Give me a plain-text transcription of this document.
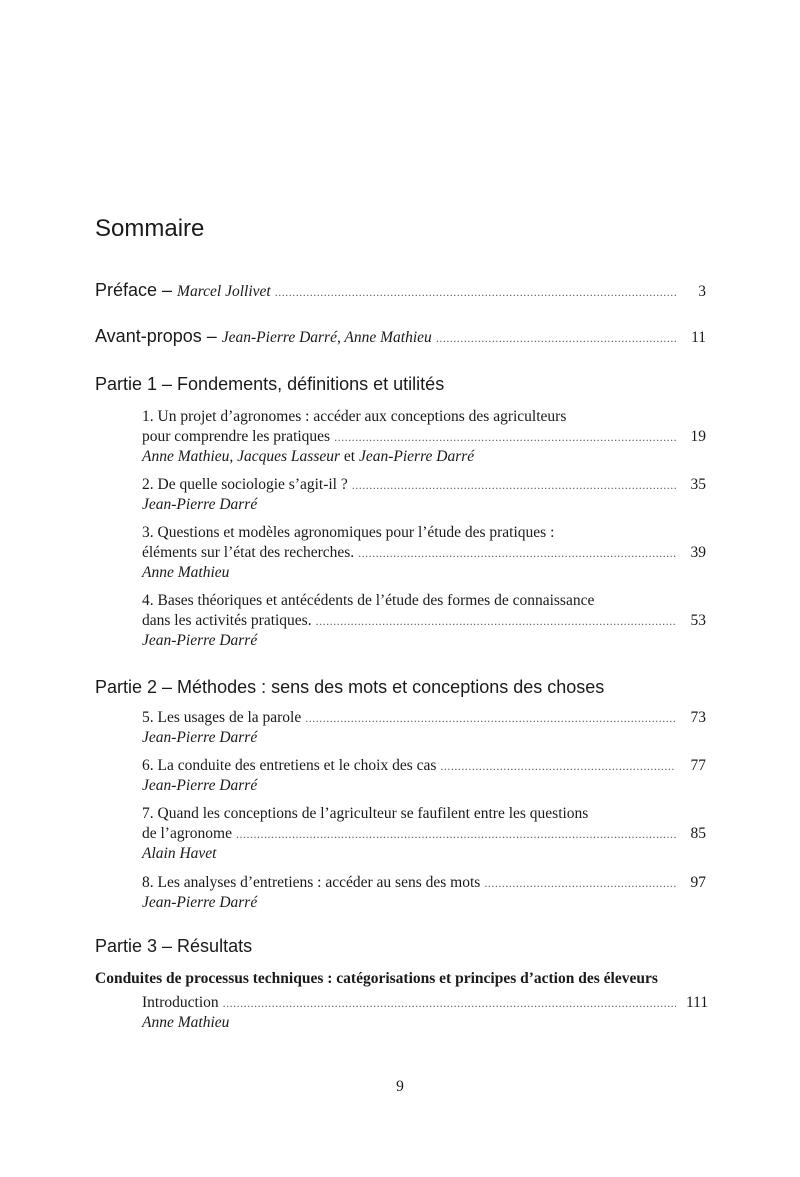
Sommaire
Préface – Marcel Jollivet .....	3
Avant-propos – Jean-Pierre Darré, Anne Mathieu .....	11
Partie 1 – Fondements, définitions et utilités
1. Un projet d’agronomes : accéder aux conceptions des agriculteurs
pour comprendre les pratiques .....	19
Anne Mathieu, Jacques Lasseur et Jean-Pierre Darré
2. De quelle sociologie s’agit-il ? .....	35
Jean-Pierre Darré
3. Questions et modèles agronomiques pour l’étude des pratiques :
éléments sur l’état des recherches. .....	39
Anne Mathieu
4. Bases théoriques et antécédents de l’étude des formes de connaissance
dans les activités pratiques. .....	53
Jean-Pierre Darré
Partie 2 – Méthodes : sens des mots et conceptions des choses
5. Les usages de la parole .....	73
Jean-Pierre Darré
6. La conduite des entretiens et le choix des cas .....	77
Jean-Pierre Darré
7. Quand les conceptions de l’agriculteur se faufilent entre les questions
de l’agronome .....	85
Alain Havet
8. Les analyses d’entretiens : accéder au sens des mots .....	97
Jean-Pierre Darré
Partie 3 – Résultats
Conduites de processus techniques : catégorisations et principes d’action des éleveurs
Introduction .....	111
Anne Mathieu
9
